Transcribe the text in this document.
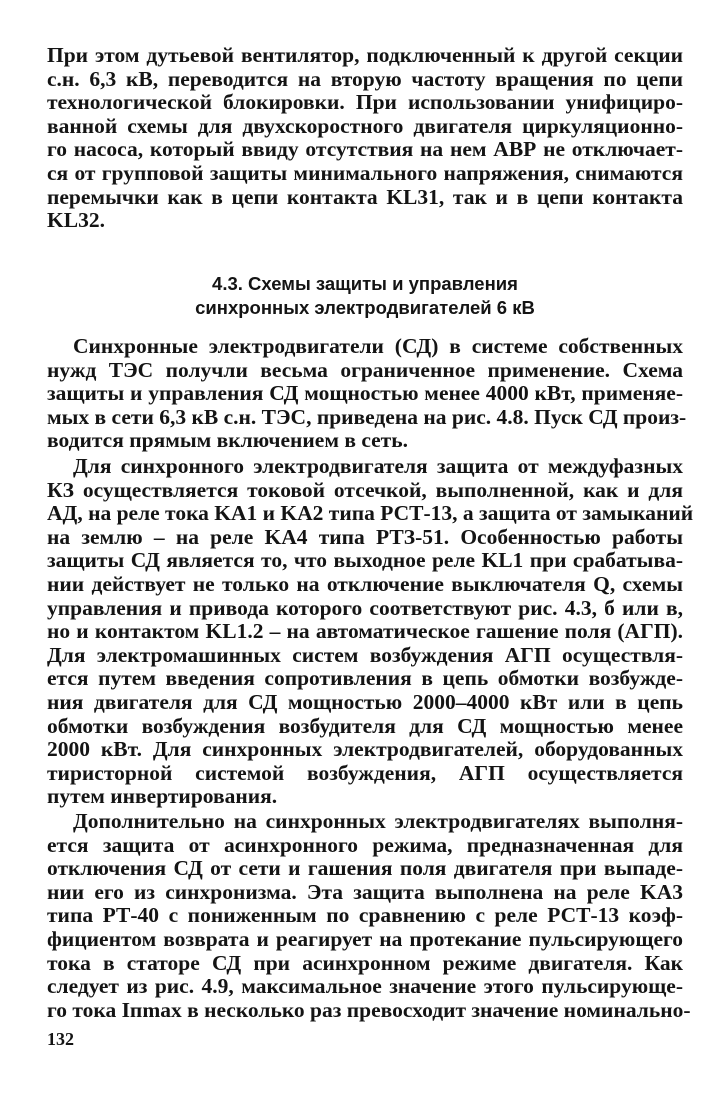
При этом дутьевой вентилятор, подключенный к другой секции
с.н. 6,3 кВ, переводится на вторую частоту вращения по цепи
технологической блокировки. При использовании унифициро-
ванной схемы для двухскоростного двигателя циркуляционно-
го насоса, который ввиду отсутствия на нем АВР не отключает-
ся от групповой защиты минимального напряжения, снимаются
перемычки как в цепи контакта KL31, так и в цепи контакта
KL32.

4.3. Схемы защиты и управления
синхронных электродвигателей 6 кВ

Синхронные электродвигатели (СД) в системе собственных
нужд ТЭС получли весьма ограниченное применение. Схема
защиты и управления СД мощностью менее 4000 кВт, применяе-
мых в сети 6,3 кВ с.н. ТЭС, приведена на рис. 4.8. Пуск СД произ-
водится прямым включением в сеть.

Для синхронного электродвигателя защита от междуфазных
КЗ осуществляется токовой отсечкой, выполненной, как и для
АД, на реле тока KA1 и KA2 типа РСТ-13, а защита от замыканий
на землю – на реле KA4 типа РТЗ-51. Особенностью работы
защиты СД является то, что выходное реле KL1 при срабатыва-
нии действует не только на отключение выключателя Q, схемы
управления и привода которого соответствуют рис. 4.3, б или в,
но и контактом KL1.2 – на автоматическое гашение поля (АГП).
Для электромашинных систем возбуждения АГП осуществля-
ется путем введения сопротивления в цепь обмотки возбужде-
ния двигателя для СД мощностью 2000–4000 кВт или в цепь
обмотки возбуждения возбудителя для СД мощностью менее
2000 кВт. Для синхронных электродвигателей, оборудованных
тиристорной системой возбуждения, АГП осуществляется
путем инвертирования.

Дополнительно на синхронных электродвигателях выполня-
ется защита от асинхронного режима, предназначенная для
отключения СД от сети и гашения поля двигателя при выпаде-
нии его из синхронизма. Эта защита выполнена на реле KA3
типа РТ-40 с пониженным по сравнению с реле РСТ-13 коэф-
фициентом возврата и реагирует на протекание пульсирующего
тока в статоре СД при асинхронном режиме двигателя. Как
следует из рис. 4.9, максимальное значение этого пульсирующе-
го тока Iпmax в несколько раз превосходит значение номинально-

132
